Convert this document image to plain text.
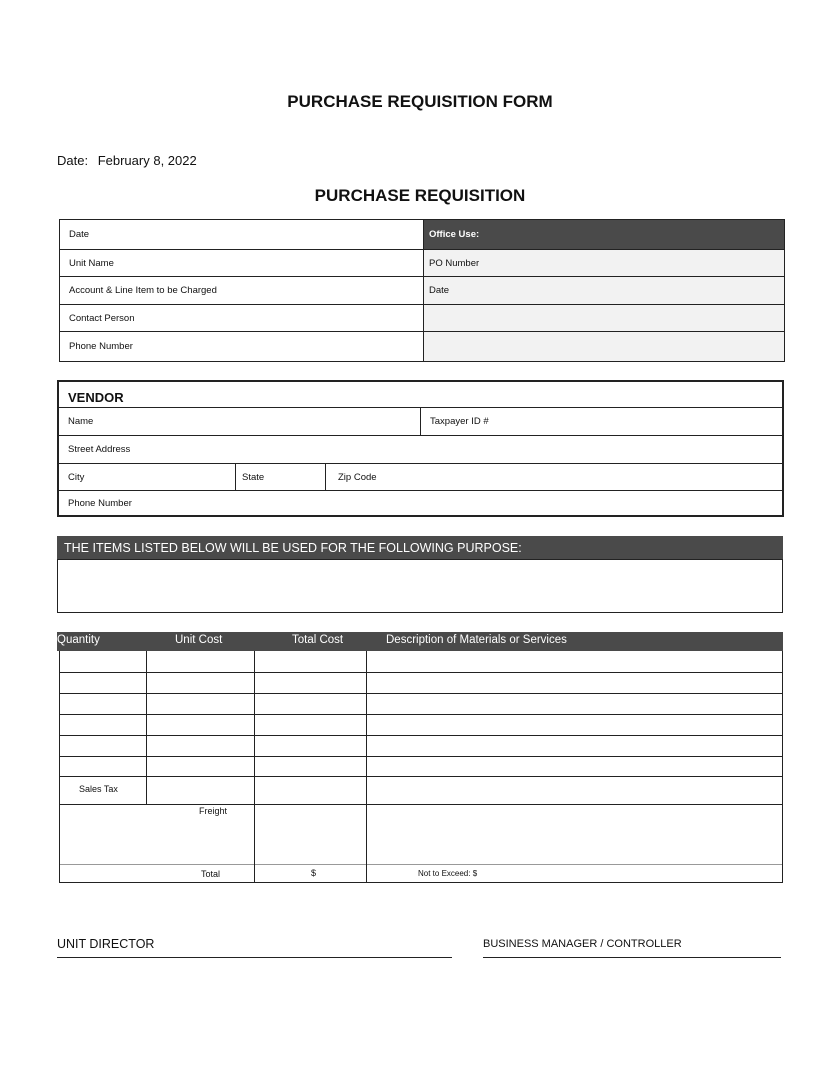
PURCHASE REQUISITION FORM
Date: February 8, 2022
PURCHASE REQUISITION
Date	Office Use:
Unit Name	PO Number
Account & Line Item to be Charged	Date
Contact Person
Phone Number
VENDOR
Name	Taxpayer ID #
Street Address
City	State	Zip Code
Phone Number
THE ITEMS LISTED BELOW WILL BE USED FOR THE FOLLOWING PURPOSE:
Quantity	Unit Cost	Total Cost	Description of Materials or Services
Sales Tax
Freight
Total	$	Not to Exceed: $
UNIT DIRECTOR	BUSINESS MANAGER / CONTROLLER
